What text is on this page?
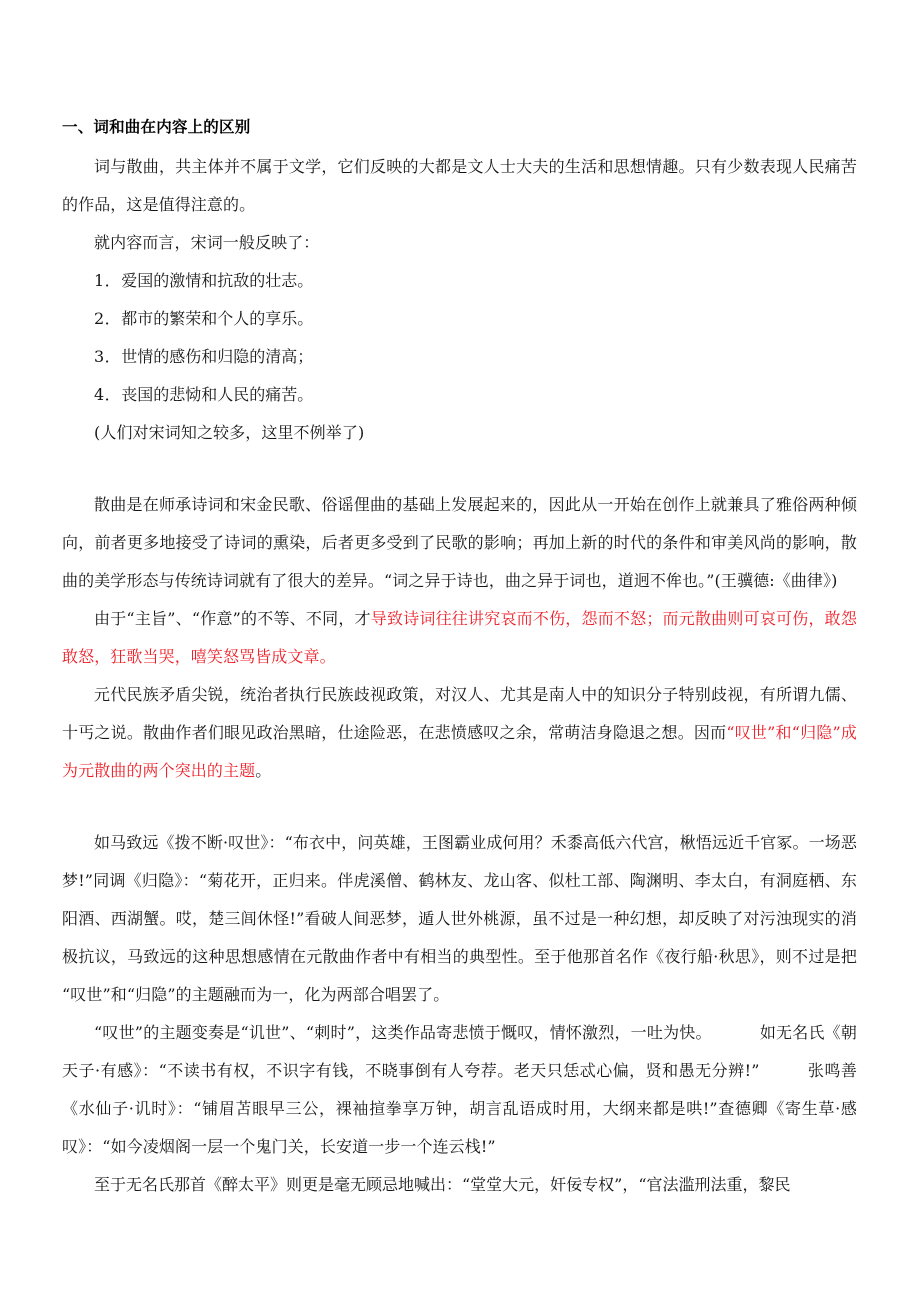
一、词和曲在内容上的区别

词与散曲，共主体并不属于文学，它们反映的大都是文人士大夫的生活和思想情趣。只有少数表现人民痛苦的作品，这是值得注意的。

就内容而言，宋词一般反映了：

1．爱国的激情和抗敌的壮志。

2．都市的繁荣和个人的享乐。

3．世情的感伤和归隐的清高；

4．丧国的悲恸和人民的痛苦。

(人们对宋词知之较多，这里不例举了)

散曲是在师承诗词和宋金民歌、俗谣俚曲的基础上发展起来的，因此从一开始在创作上就兼具了雅俗两种倾向，前者更多地接受了诗词的熏染，后者更多受到了民歌的影响；再加上新的时代的条件和审美风尚的影响，散曲的美学形态与传统诗词就有了很大的差异。“词之异于诗也，曲之异于词也，道迥不侔也。”(王骥德:《曲律》)

由于“主旨”、“作意”的不等、不同，才导致诗词往往讲究哀而不伤，怨而不怒；而元散曲则可哀可伤，敢怨敢怒，狂歌当哭，嘻笑怒骂皆成文章。

元代民族矛盾尖锐，统治者执行民族歧视政策，对汉人、尤其是南人中的知识分子特别歧视，有所谓九儒、十丐之说。散曲作者们眼见政治黑暗，仕途险恶，在悲愤感叹之余，常萌洁身隐退之想。因而“叹世”和“归隐”成为元散曲的两个突出的主题。

如马致远《拨不断·叹世》：“布衣中，问英雄，王图霸业成何用？禾黍高低六代宫，楸悟远近千官冢。一场恶梦!”同调《归隐》：“菊花开，正归来。伴虎溪僧、鹤林友、龙山客、似杜工部、陶渊明、李太白，有洞庭栖、东阳酒、西湖蟹。哎，楚三闾休怪!”看破人间恶梦，遁人世外桃源，虽不过是一种幻想，却反映了对污浊现实的消极抗议，马致远的这种思想感情在元散曲作者中有相当的典型性。至于他那首名作《夜行船·秋思》，则不过是把“叹世”和“归隐”的主题融而为一，化为两部合唱罢了。

“叹世”的主题变奏是“讥世”、“刺时”，这类作品寄悲愤于慨叹，情怀激烈，一吐为快。	如无名氏《朝天子·有感》：“不读书有权，不识字有钱，不晓事倒有人夸荐。老天只恁忒心偏，贤和愚无分辨!”	张鸣善《水仙子·讥时》：“铺眉苫眼早三公，裸袖揎拳享万钟，胡言乱语成时用，大纲来都是哄!”查德卿《寄生草·感叹》：“如今凌烟阁一层一个鬼门关，长安道一步一个连云栈!”

至于无名氏那首《醉太平》则更是毫无顾忌地喊出：“堂堂大元，奸佞专权”，“官法滥刑法重，黎民
